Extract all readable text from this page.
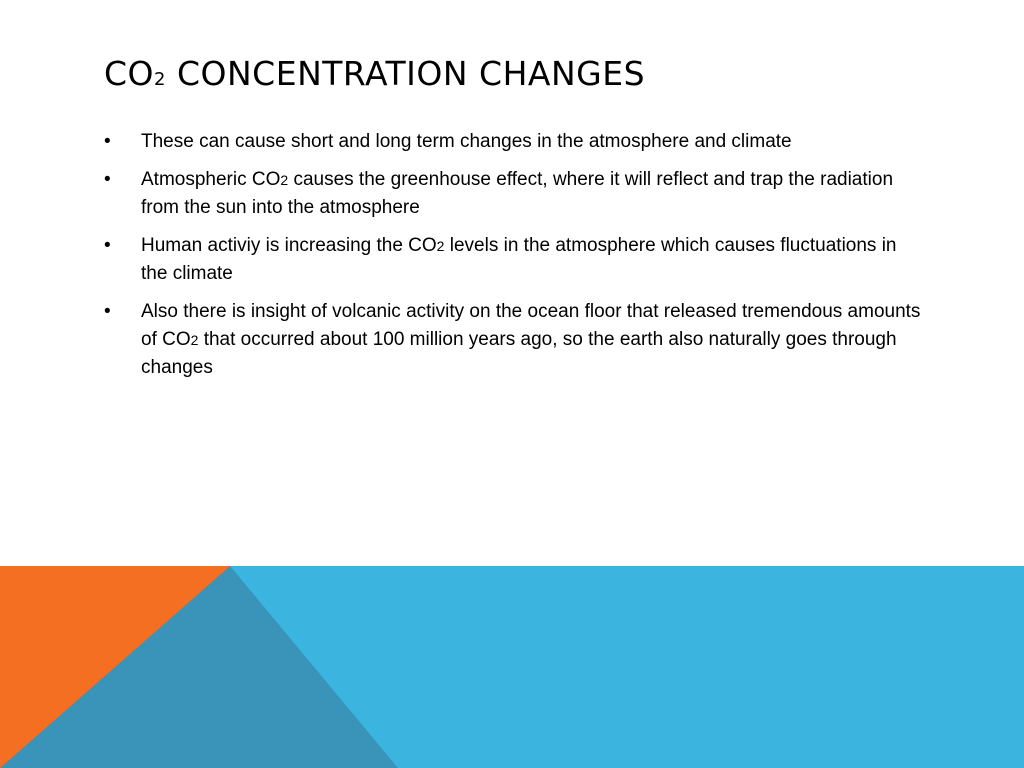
CO2 CONCENTRATION CHANGES
• These can cause short and long term changes in the atmosphere and climate
• Atmospheric CO2 causes the greenhouse effect, where it will reflect and trap the radiation from the sun into the atmosphere
• Human activiy is increasing the CO2 levels in the atmosphere which causes fluctuations in the climate
• Also there is insight of volcanic activity on the ocean floor that released tremendous amounts of CO2 that occurred about 100 million years ago, so the earth also naturally goes through changes
